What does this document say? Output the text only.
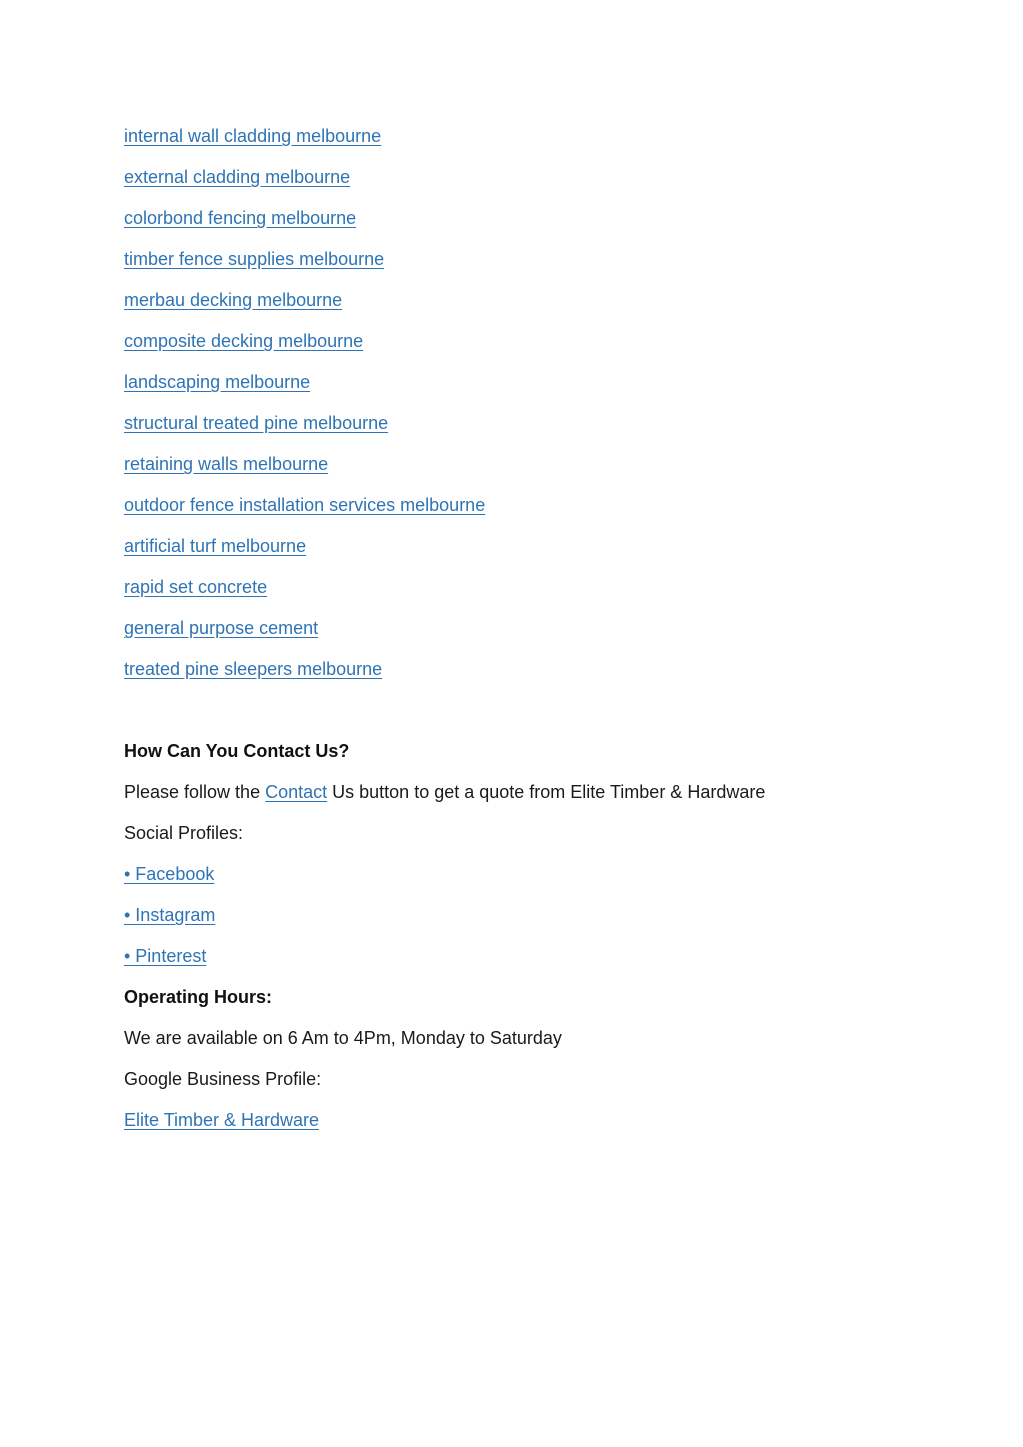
internal wall cladding melbourne

external cladding melbourne

colorbond fencing melbourne

timber fence supplies melbourne

merbau decking melbourne

composite decking melbourne

landscaping melbourne

structural treated pine melbourne

retaining walls melbourne

outdoor fence installation services melbourne

artificial turf melbourne

rapid set concrete

general purpose cement

treated pine sleepers melbourne

How Can You Contact Us?

Please follow the Contact Us button to get a quote from Elite Timber & Hardware

Social Profiles:

• Facebook

• Instagram

• Pinterest

Operating Hours:

We are available on 6 Am to 4Pm, Monday to Saturday

Google Business Profile:

Elite Timber & Hardware
